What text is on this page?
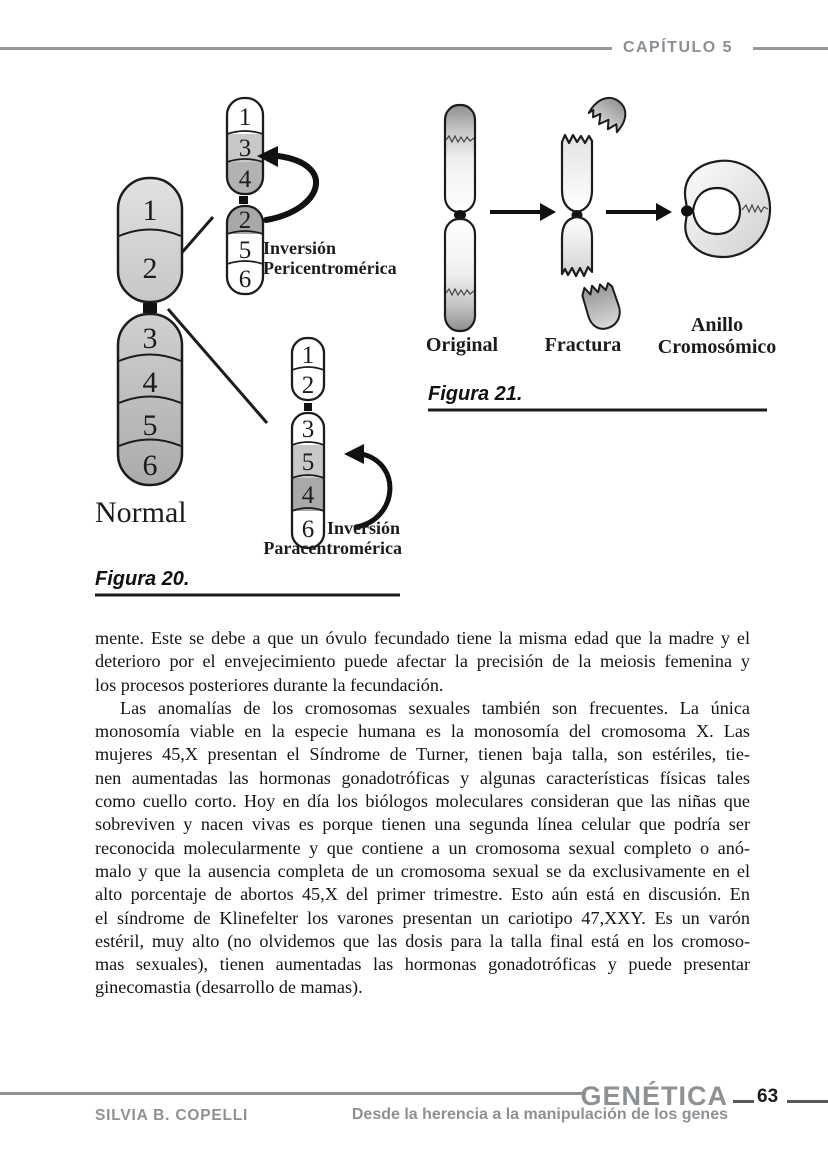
CAPÍTULO 5
1
2
3
4
5
6
Normal
1
3
4
2
5
6
Inversión
Pericentromérica
1
2
3
5
4
6 Inversión
Paracentromérica
Figura 20.
Original Fractura
Anillo
Cromosómico
Figura 21.
mente. Este se debe a que un óvulo fecundado tiene la misma edad que la madre y el
deterioro por el envejecimiento puede afectar la precisión de la meiosis femenina y
los procesos posteriores durante la fecundación.
Las anomalías de los cromosomas sexuales también son frecuentes. La única
monosomía viable en la especie humana es la monosomía del cromosoma X. Las
mujeres 45,X presentan el Síndrome de Turner, tienen baja talla, son estériles, tie-
nen aumentadas las hormonas gonadotróficas y algunas características físicas tales
como cuello corto. Hoy en día los biólogos moleculares consideran que las niñas que
sobreviven y nacen vivas es porque tienen una segunda línea celular que podría ser
reconocida molecularmente y que contiene a un cromosoma sexual completo o anó-
malo y que la ausencia completa de un cromosoma sexual se da exclusivamente en el
alto porcentaje de abortos 45,X del primer trimestre. Esto aún está en discusión. En
el síndrome de Klinefelter los varones presentan un cariotipo 47,XXY. Es un varón
estéril, muy alto (no olvidemos que las dosis para la talla final está en los cromoso-
mas sexuales), tienen aumentadas las hormonas gonadotróficas y puede presentar
ginecomastia (desarrollo de mamas).
GENÉTICA 63
SILVIA B. COPELLI	Desde la herencia a la manipulación de los genes
